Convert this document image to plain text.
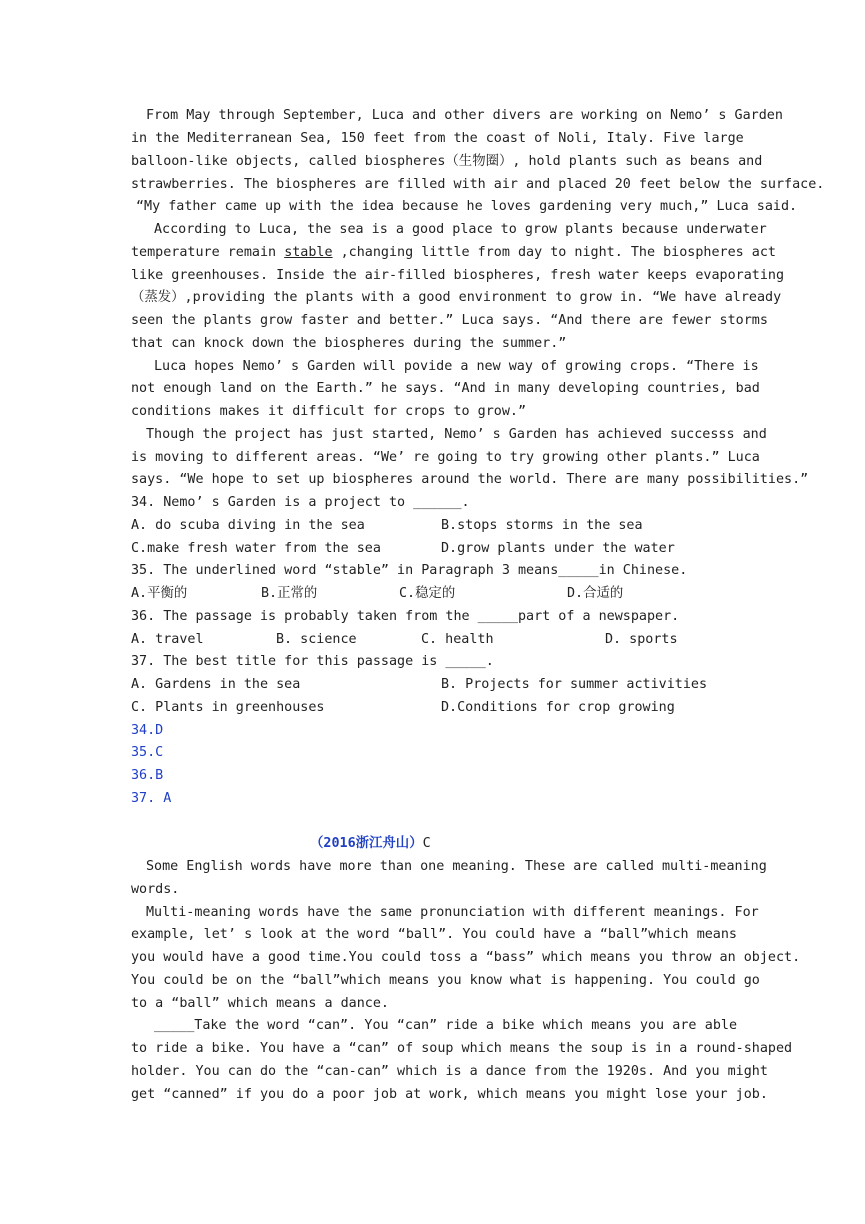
From May through September, Luca and other divers are working on Nemo’ s Garden
in the Mediterranean Sea, 150 feet from the coast of Noli, Italy. Five large
balloon-like objects, called biospheres（生物圈）, hold plants such as beans and
strawberries. The biospheres are filled with air and placed 20 feet below the surface.
“My father came up with the idea because he loves gardening very much,” Luca said.
According to Luca, the sea is a good place to grow plants because underwater
temperature remain stable ,changing little from day to night. The biospheres act
like greenhouses. Inside the air-filled biospheres, fresh water keeps evaporating
（蒸发）,providing the plants with a good environment to grow in. “We have already
seen the plants grow faster and better.” Luca says. “And there are fewer storms
that can knock down the biospheres during the summer.”
Luca hopes Nemo’ s Garden will povide a new way of growing crops. “There is
not enough land on the Earth.” he says. “And in many developing countries, bad
conditions makes it difficult for crops to grow.”
Though the project has just started, Nemo’ s Garden has achieved successs and
is moving to different areas. “We’ re going to try growing other plants.” Luca
says. “We hope to set up biospheres around the world. There are many possibilities.”
34. Nemo’ s Garden is a project to ______.
A. do scuba diving in the sea	B.stops storms in the sea
C.make fresh water from the sea	D.grow plants under the water
35. The underlined word “stable” in Paragraph 3 means_____in Chinese.
A.平衡的	B.正常的	C.稳定的	D.合适的
36. The passage is probably taken from the _____part of a newspaper.
A. travel	B. science	C. health	D. sports
37. The best title for this passage is _____.
A. Gardens in the sea	B. Projects for summer activities
C. Plants in greenhouses	D.Conditions for crop growing
34.D
35.C
36.B
37. A
（2016浙江舟山）C
Some English words have more than one meaning. These are called multi-meaning
words.
Multi-meaning words have the same pronunciation with different meanings. For
example, let’ s look at the word “ball”. You could have a “ball”which means
you would have a good time.You could toss a “bass” which means you throw an object.
You could be on the “ball”which means you know what is happening. You could go
to a “ball” which means a dance.
_____Take the word “can”. You “can” ride a bike which means you are able
to ride a bike. You have a “can” of soup which means the soup is in a round-shaped
holder. You can do the “can-can” which is a dance from the 1920s. And you might
get “canned” if you do a poor job at work, which means you might lose your job.
